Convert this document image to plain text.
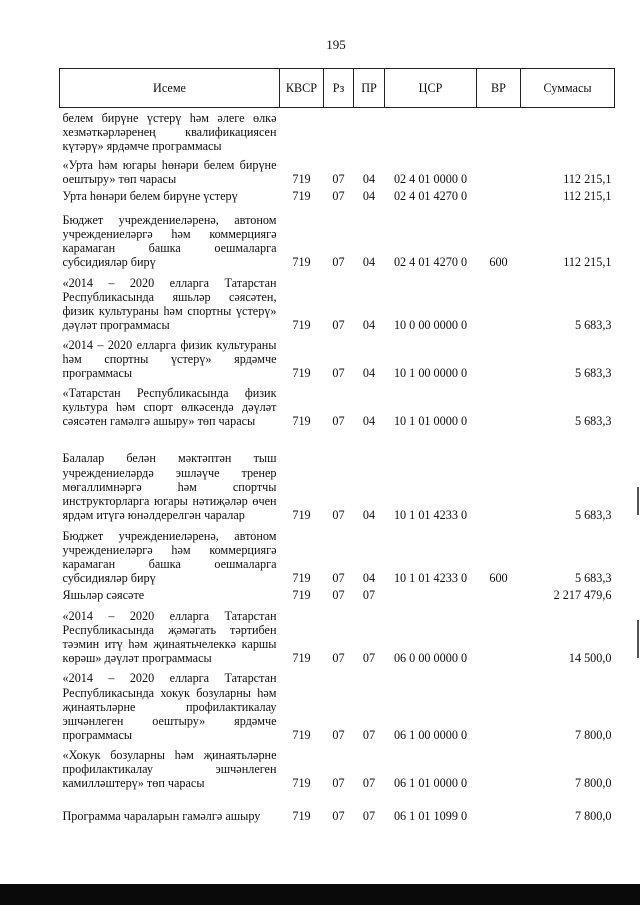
195
Исеме	КВСР	Рз	ПР	ЦСР	ВР	Суммасы
белем бирүне үстерү һәм әлеге өлкә хезмәткәрләренең квалификациясен күтәрү» ярдәмче программасы						
«Урта һәм югары һөнәри белем бирүне оештыру» төп чарасы	719	07	04	02 4 01 0000 0		112 215,1
Урта һөнәри белем бирүне үстерү	719	07	04	02 4 01 4270 0		112 215,1
Бюджет учреждениеләренә, автоном учреждениеләргә һәм коммерциягә карамаган башка оешмаларга субсидияләр бирү	719	07	04	02 4 01 4270 0	600	112 215,1
«2014 – 2020 елларга Татарстан Республикасында яшьләр сәясәтен, физик культураны һәм спортны үстерү» дәүләт программасы	719	07	04	10 0 00 0000 0		5 683,3
«2014 – 2020 елларга физик культураны һәм спортны үстерү» ярдәмче программасы	719	07	04	10 1 00 0000 0		5 683,3
«Татарстан Республикасында физик культура һәм спорт өлкәсендә дәүләт сәясәтен гамәлгә ашыру» төп чарасы	719	07	04	10 1 01 0000 0		5 683,3
Балалар белән мәктәптән тыш учреждениеләрдә эшләүче тренер мөгаллимнәргә һәм спортчы инструкторларга югары нәтиҗәләр өчен ярдәм итүгә юнәлдерелгән чаралар	719	07	04	10 1 01 4233 0		5 683,3
Бюджет учреждениеләренә, автоном учреждениеләргә һәм коммерциягә карамаган башка оешмаларга субсидияләр бирү	719	07	04	10 1 01 4233 0	600	5 683,3
Яшьләр сәясәте	719	07	07			2 217 479,6
«2014 – 2020 елларга Татарстан Республикасында җәмәгать тәртибен тәэмин итү һәм җинаятьчелеккә каршы көрәш» дәүләт программасы	719	07	07	06 0 00 0000 0		14 500,0
«2014 – 2020 елларга Татарстан Республикасында хокук бозуларны һәм җинаятьләрне профилактикалау эшчәнлеген оештыру» ярдәмче программасы	719	07	07	06 1 00 0000 0		7 800,0
«Хокук бозуларны һәм җинаятьләрне профилактикалау эшчәнлеген камилләштерү» төп чарасы	719	07	07	06 1 01 0000 0		7 800,0
Программа чараларын гамәлгә ашыру	719	07	07	06 1 01 1099 0		7 800,0
